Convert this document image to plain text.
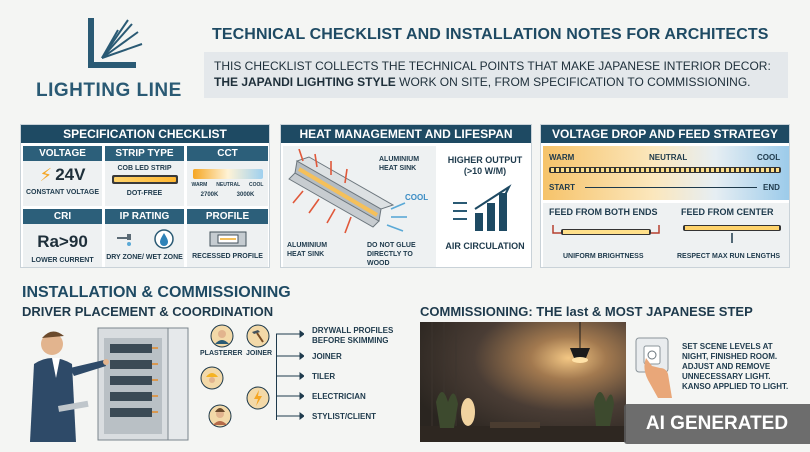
LIGHTING LINE
TECHNICAL CHECKLIST AND INSTALLATION NOTES FOR ARCHITECTS
THIS CHECKLIST COLLECTS THE TECHNICAL POINTS THAT MAKE JAPANESE INTERIOR DECOR:
THE JAPANDI LIGHTING STYLE WORK ON SITE, FROM SPECIFICATION TO COMMISSIONING.
SPECIFICATION CHECKLIST
VOLTAGE
⚡ 24V
CONSTANT VOLTAGE
STRIP TYPE
COB LED STRIP
DOT-FREE
CCT
WARM NEUTRAL COOL
2700K	3000K
CRI
Ra>90
LOWER CURRENT
IP RATING
DRY ZONE/ WET ZONE
PROFILE
RECESSED PROFILE
HEAT MANAGEMENT AND LIFESPAN
ALUMINIUM HEAT SINK
COOL
ALUMINIUM HEAT SINK
DO NOT GLUE DIRECTLY TO WOOD
HIGHER OUTPUT (>10 W/M)
AIR CIRCULATION
VOLTAGE DROP AND FEED STRATEGY
WARM	NEUTRAL	COOL
START	END
FEED FROM BOTH ENDS	FEED FROM CENTER
UNIFORM BRIGHTNESS	RESPECT MAX RUN LENGTHS
INSTALLATION & COMMISSIONING
DRIVER PLACEMENT & COORDINATION
PLASTERER JOINER
DRYWALL PROFILES BEFORE SKIMMING
JOINER
TILER
ELECTRICIAN
STYLIST/CLIENT
COMMISSIONING: THE last & MOST JAPANESE STEP
SET SCENE LEVELS AT NIGHT, FINISHED ROOM. ADJUST AND REMOVE UNNECESSARY LIGHT. KANSO APPLIED TO LIGHT.
AI GENERATED
